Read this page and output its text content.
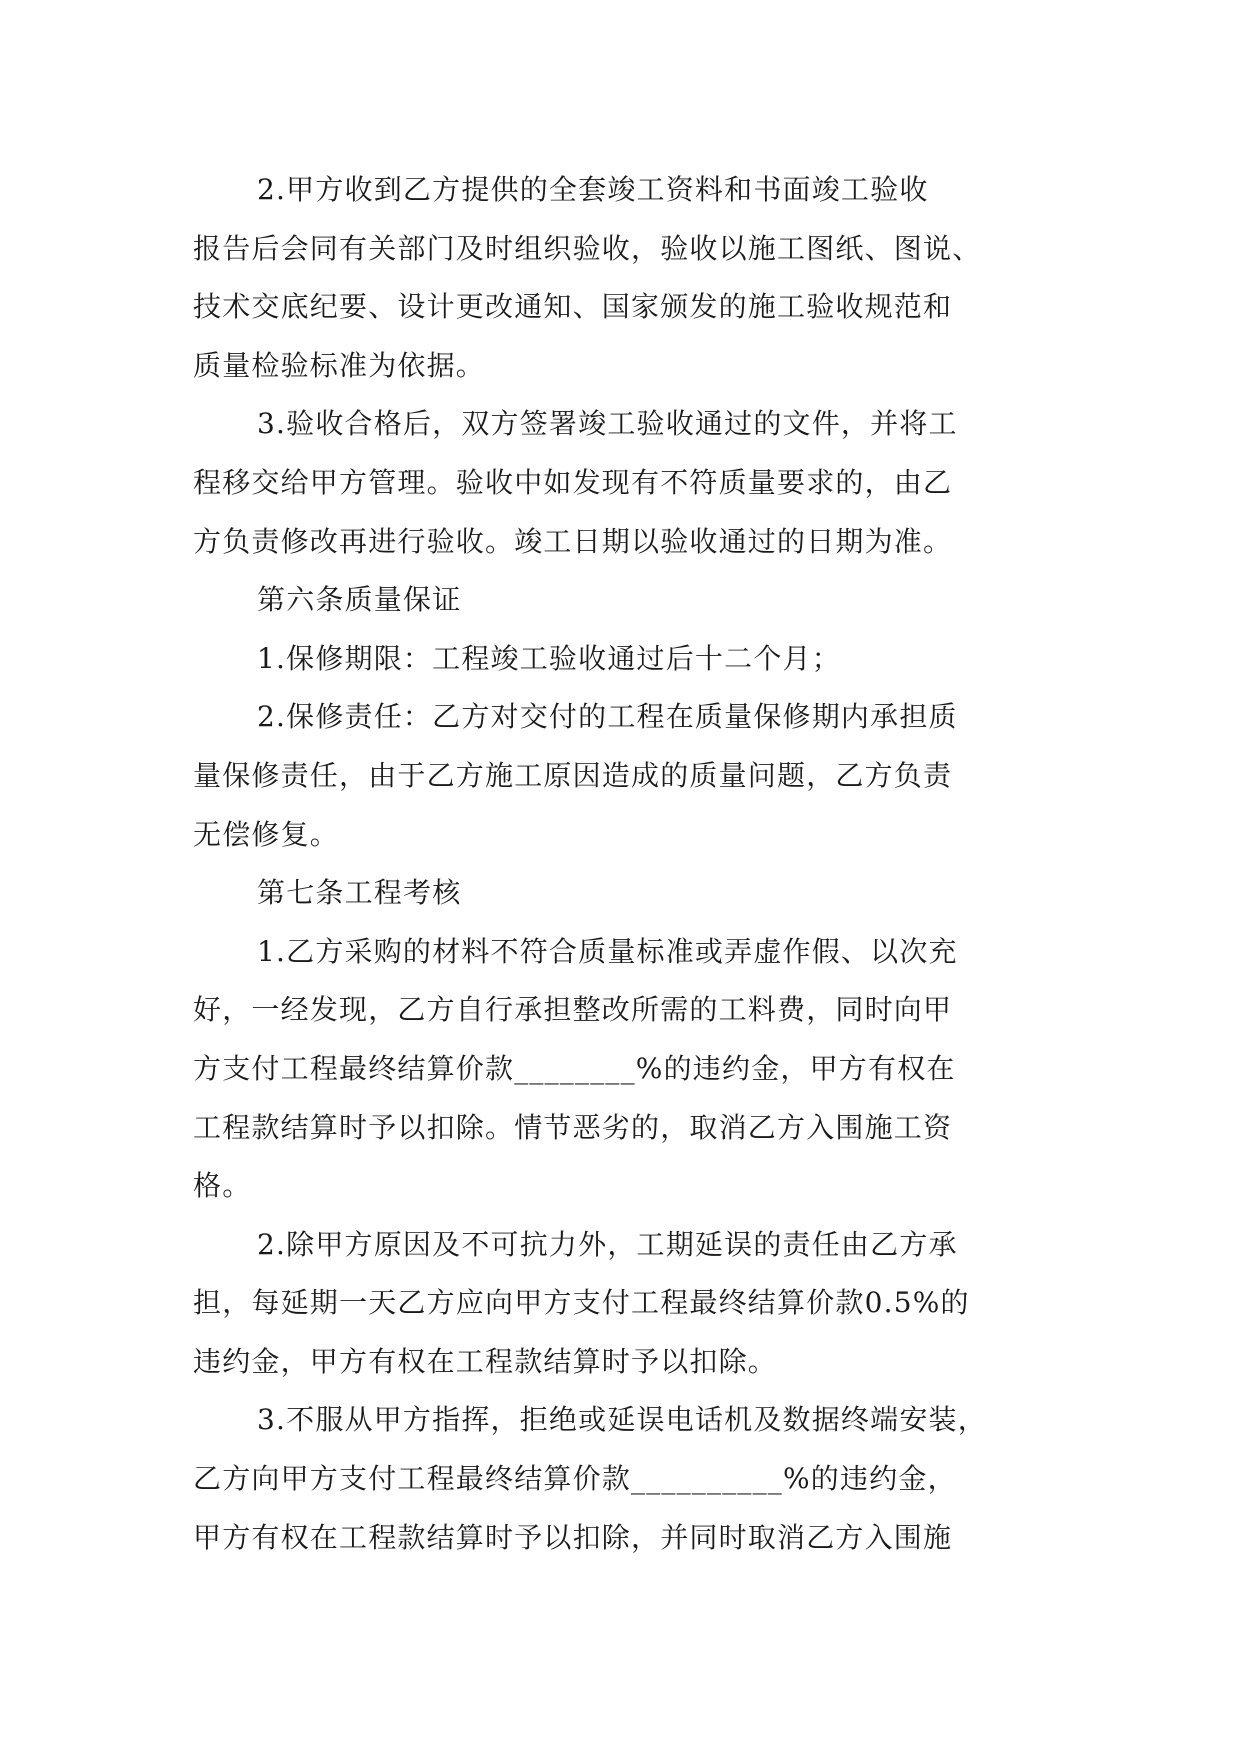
2.甲方收到乙方提供的全套竣工资料和书面竣工验收
报告后会同有关部门及时组织验收，验收以施工图纸、图说、
技术交底纪要、设计更改通知、国家颁发的施工验收规范和
质量检验标准为依据。
3.验收合格后，双方签署竣工验收通过的文件，并将工
程移交给甲方管理。验收中如发现有不符质量要求的，由乙
方负责修改再进行验收。竣工日期以验收通过的日期为准。
第六条质量保证
1.保修期限：工程竣工验收通过后十二个月；
2.保修责任：乙方对交付的工程在质量保修期内承担质
量保修责任，由于乙方施工原因造成的质量问题，乙方负责
无偿修复。
第七条工程考核
1.乙方采购的材料不符合质量标准或弄虚作假、以次充
好，一经发现，乙方自行承担整改所需的工料费，同时向甲
方支付工程最终结算价款________%的违约金，甲方有权在
工程款结算时予以扣除。情节恶劣的，取消乙方入围施工资
格。
2.除甲方原因及不可抗力外，工期延误的责任由乙方承
担，每延期一天乙方应向甲方支付工程最终结算价款0.5%的
违约金，甲方有权在工程款结算时予以扣除。
3.不服从甲方指挥，拒绝或延误电话机及数据终端安装，
乙方向甲方支付工程最终结算价款__________%的违约金，
甲方有权在工程款结算时予以扣除，并同时取消乙方入围施
